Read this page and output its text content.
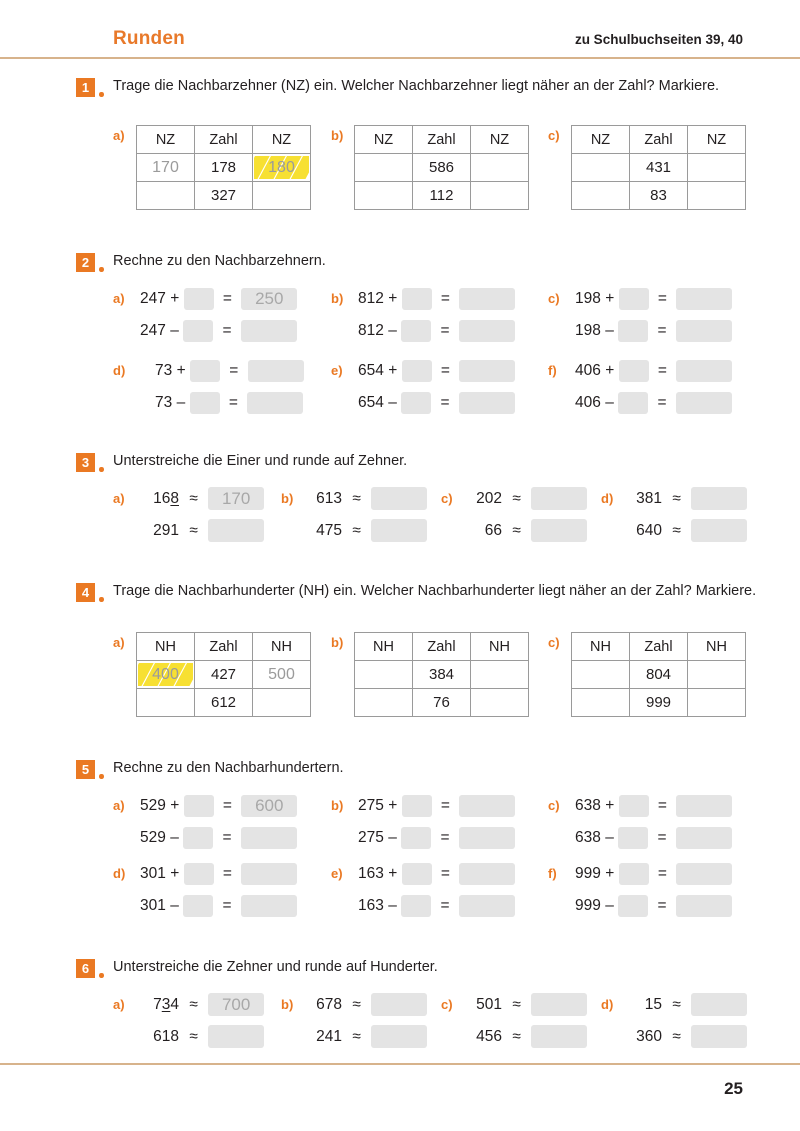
Runden	zu Schulbuchseiten 39, 40
25
1	Trage die Nachbarzehner (NZ) ein. Welcher Nachbarzehner liegt näher an der Zahl? Markiere.
a) NZ	Zahl	NZ
170	178	180
	327	
b) NZ	Zahl	NZ
	586	
	112	
c) NZ	Zahl	NZ
	431	
	83	
2	Rechne zu den Nachbarzehnern.
a) 247 +	= 250
247 –	=
b) 812 +	=
812 –	=
c) 198 +	=
198 –	=
d) 73 +	=
73 –	=
e) 654 +	=
654 –	=
f) 406 +	=
406 –	=
3	Unterstreiche die Einer und runde auf Zehner.
a)	168 ≈ 170
291 ≈
b)	613 ≈
475 ≈
c)	202 ≈
66 ≈
d)	381 ≈
640 ≈
4	Trage die Nachbarhunderter (NH) ein. Welcher Nachbarhunderter liegt näher an der Zahl? Markiere.
a) NH	Zahl	NH

400	427	500
	612	
b) NH	Zahl	NH
	384	
	76	
c) NH	Zahl	NH
	804	
	999	
5	Rechne zu den Nachbarhundertern.
a) 529 +	= 600
529 –	=
b) 275 +	=
275 –	=
c) 638 +	=
638 –	=
d) 301 +	=
301 –	=
e) 163 +	=
163 –	=
f) 999 +	=
999 –	=
6	Unterstreiche die Zehner und runde auf Hunderter.
a)	734 ≈ 700
618 ≈
b)	678 ≈
241 ≈
c)	501 ≈
456 ≈
d)	15 ≈
360 ≈
